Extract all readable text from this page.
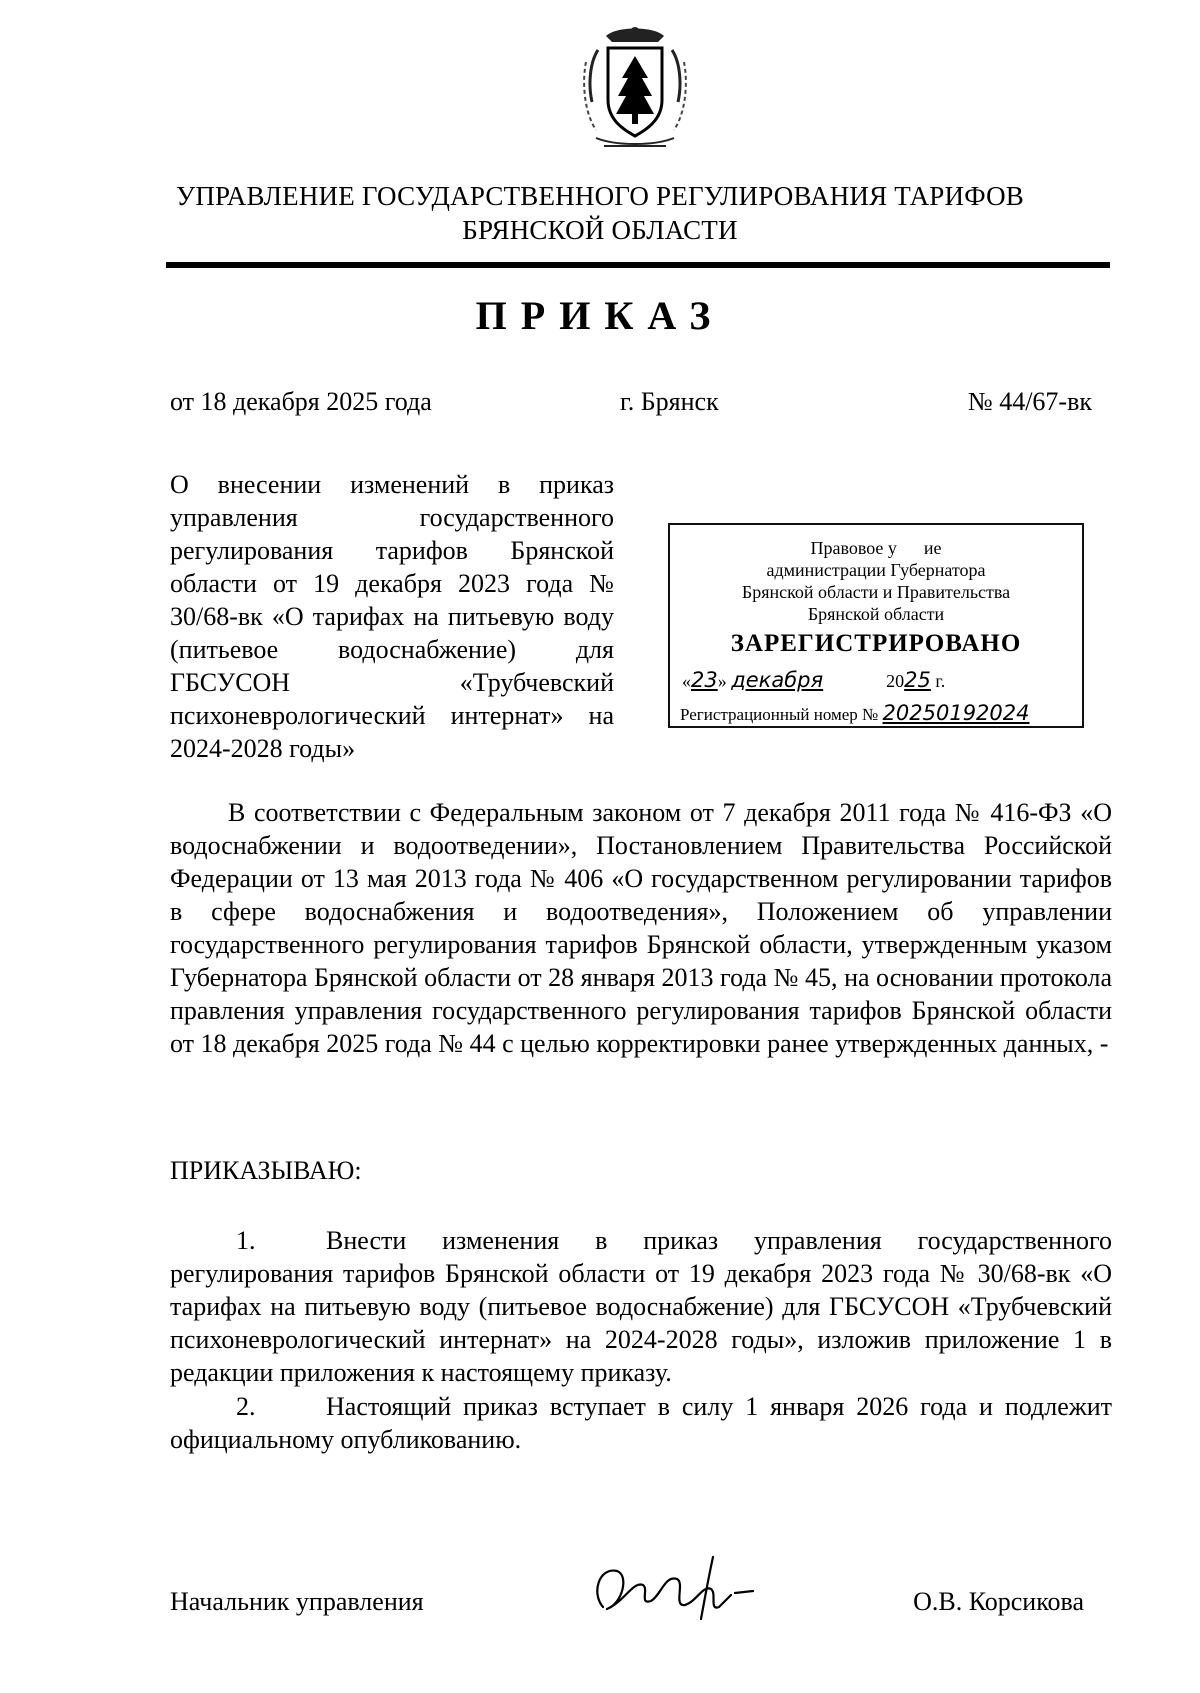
УПРАВЛЕНИЕ ГОСУДАРСТВЕННОГО РЕГУЛИРОВАНИЯ ТАРИФОВ
БРЯНСКОЙ ОБЛАСТИ
ПРИКАЗ
от 18 декабря 2025 года	г. Брянск	№ 44/67-вк
О внесении изменений в приказ управления государственного регулирования тарифов Брянской области от 19 декабря 2023 года № 30/68-вк «О тарифах на питьевую воду (питьевое водоснабжение) для ГБСУСОН «Трубчевский психоневрологический интернат» на 2024-2028 годы»
Правовое у ие
администрации Губернатора
Брянской области и Правительства
Брянской области
ЗАРЕГИСТРИРОВАНО
«23» декабря	2025 г.
Регистрационный номер № 20250192024
В соответствии с Федеральным законом от 7 декабря 2011 года № 416-ФЗ «О водоснабжении и водоотведении», Постановлением Правительства Российской Федерации от 13 мая 2013 года № 406 «О государственном регулировании тарифов в сфере водоснабжения и водоотведения», Положением об управлении государственного регулирования тарифов Брянской области, утвержденным указом Губернатора Брянской области от 28 января 2013 года № 45, на основании протокола правления управления государственного регулирования тарифов Брянской области от 18 декабря 2025 года № 44 с целью корректировки ранее утвержденных данных, -
ПРИКАЗЫВАЮ:
1.	Внести изменения в приказ управления государственного регулирования тарифов Брянской области от 19 декабря 2023 года № 30/68-вк «О тарифах на питьевую воду (питьевое водоснабжение) для ГБСУСОН «Трубчевский психоневрологический интернат» на 2024-2028 годы», изложив приложение 1 в редакции приложения к настоящему приказу.
2.	Настоящий приказ вступает в силу 1 января 2026 года и подлежит официальному опубликованию.
Начальник управления	О.В. Корсикова
